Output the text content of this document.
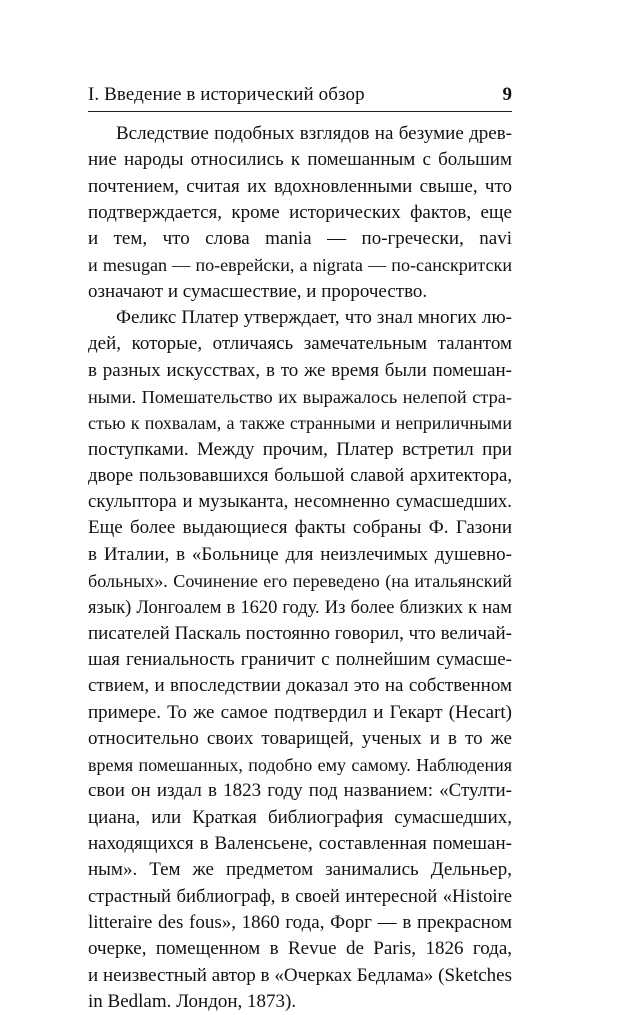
I. Введение в исторический обзор	9
Вследствие подобных взглядов на безумие древ-
ние народы относились к помешанным с большим
почтением, считая их вдохновленными свыше, что
подтверждается, кроме исторических фактов, еще
и тем, что слова mania — по-гречески, navi
и mesugan — по-еврейски, а nigrata — по-санскритски
означают и сумасшествие, и пророчество.
Феликс Платер утверждает, что знал многих лю-
дей, которые, отличаясь замечательным талантом
в разных искусствах, в то же время были помешан-
ными. Помешательство их выражалось нелепой стра-
стью к похвалам, а также странными и неприличными
поступками. Между прочим, Платер встретил при
дворе пользовавшихся большой славой архитектора,
скульптора и музыканта, несомненно сумасшедших.
Еще более выдающиеся факты собраны Ф. Газони
в Италии, в «Больнице для неизлечимых душевно-
больных». Сочинение его переведено (на итальянский
язык) Лонгоалем в 1620 году. Из более близких к нам
писателей Паскаль постоянно говорил, что величай-
шая гениальность граничит с полнейшим сумасше-
ствием, и впоследствии доказал это на собственном
примере. То же самое подтвердил и Гекарт (Hecart)
относительно своих товарищей, ученых и в то же
время помешанных, подобно ему самому. Наблюдения
свои он издал в 1823 году под названием: «Стулти-
циана, или Краткая библиография сумасшедших,
находящихся в Валенсьене, составленная помешан-
ным». Тем же предметом занимались Дельньер,
страстный библиограф, в своей интересной «Histoire
litteraire des fous», 1860 года, Форг — в прекрасном
очерке, помещенном в Revue de Paris, 1826 года,
и неизвестный автор в «Очерках Бедлама» (Sketches
in Bedlam. Лондон, 1873).
